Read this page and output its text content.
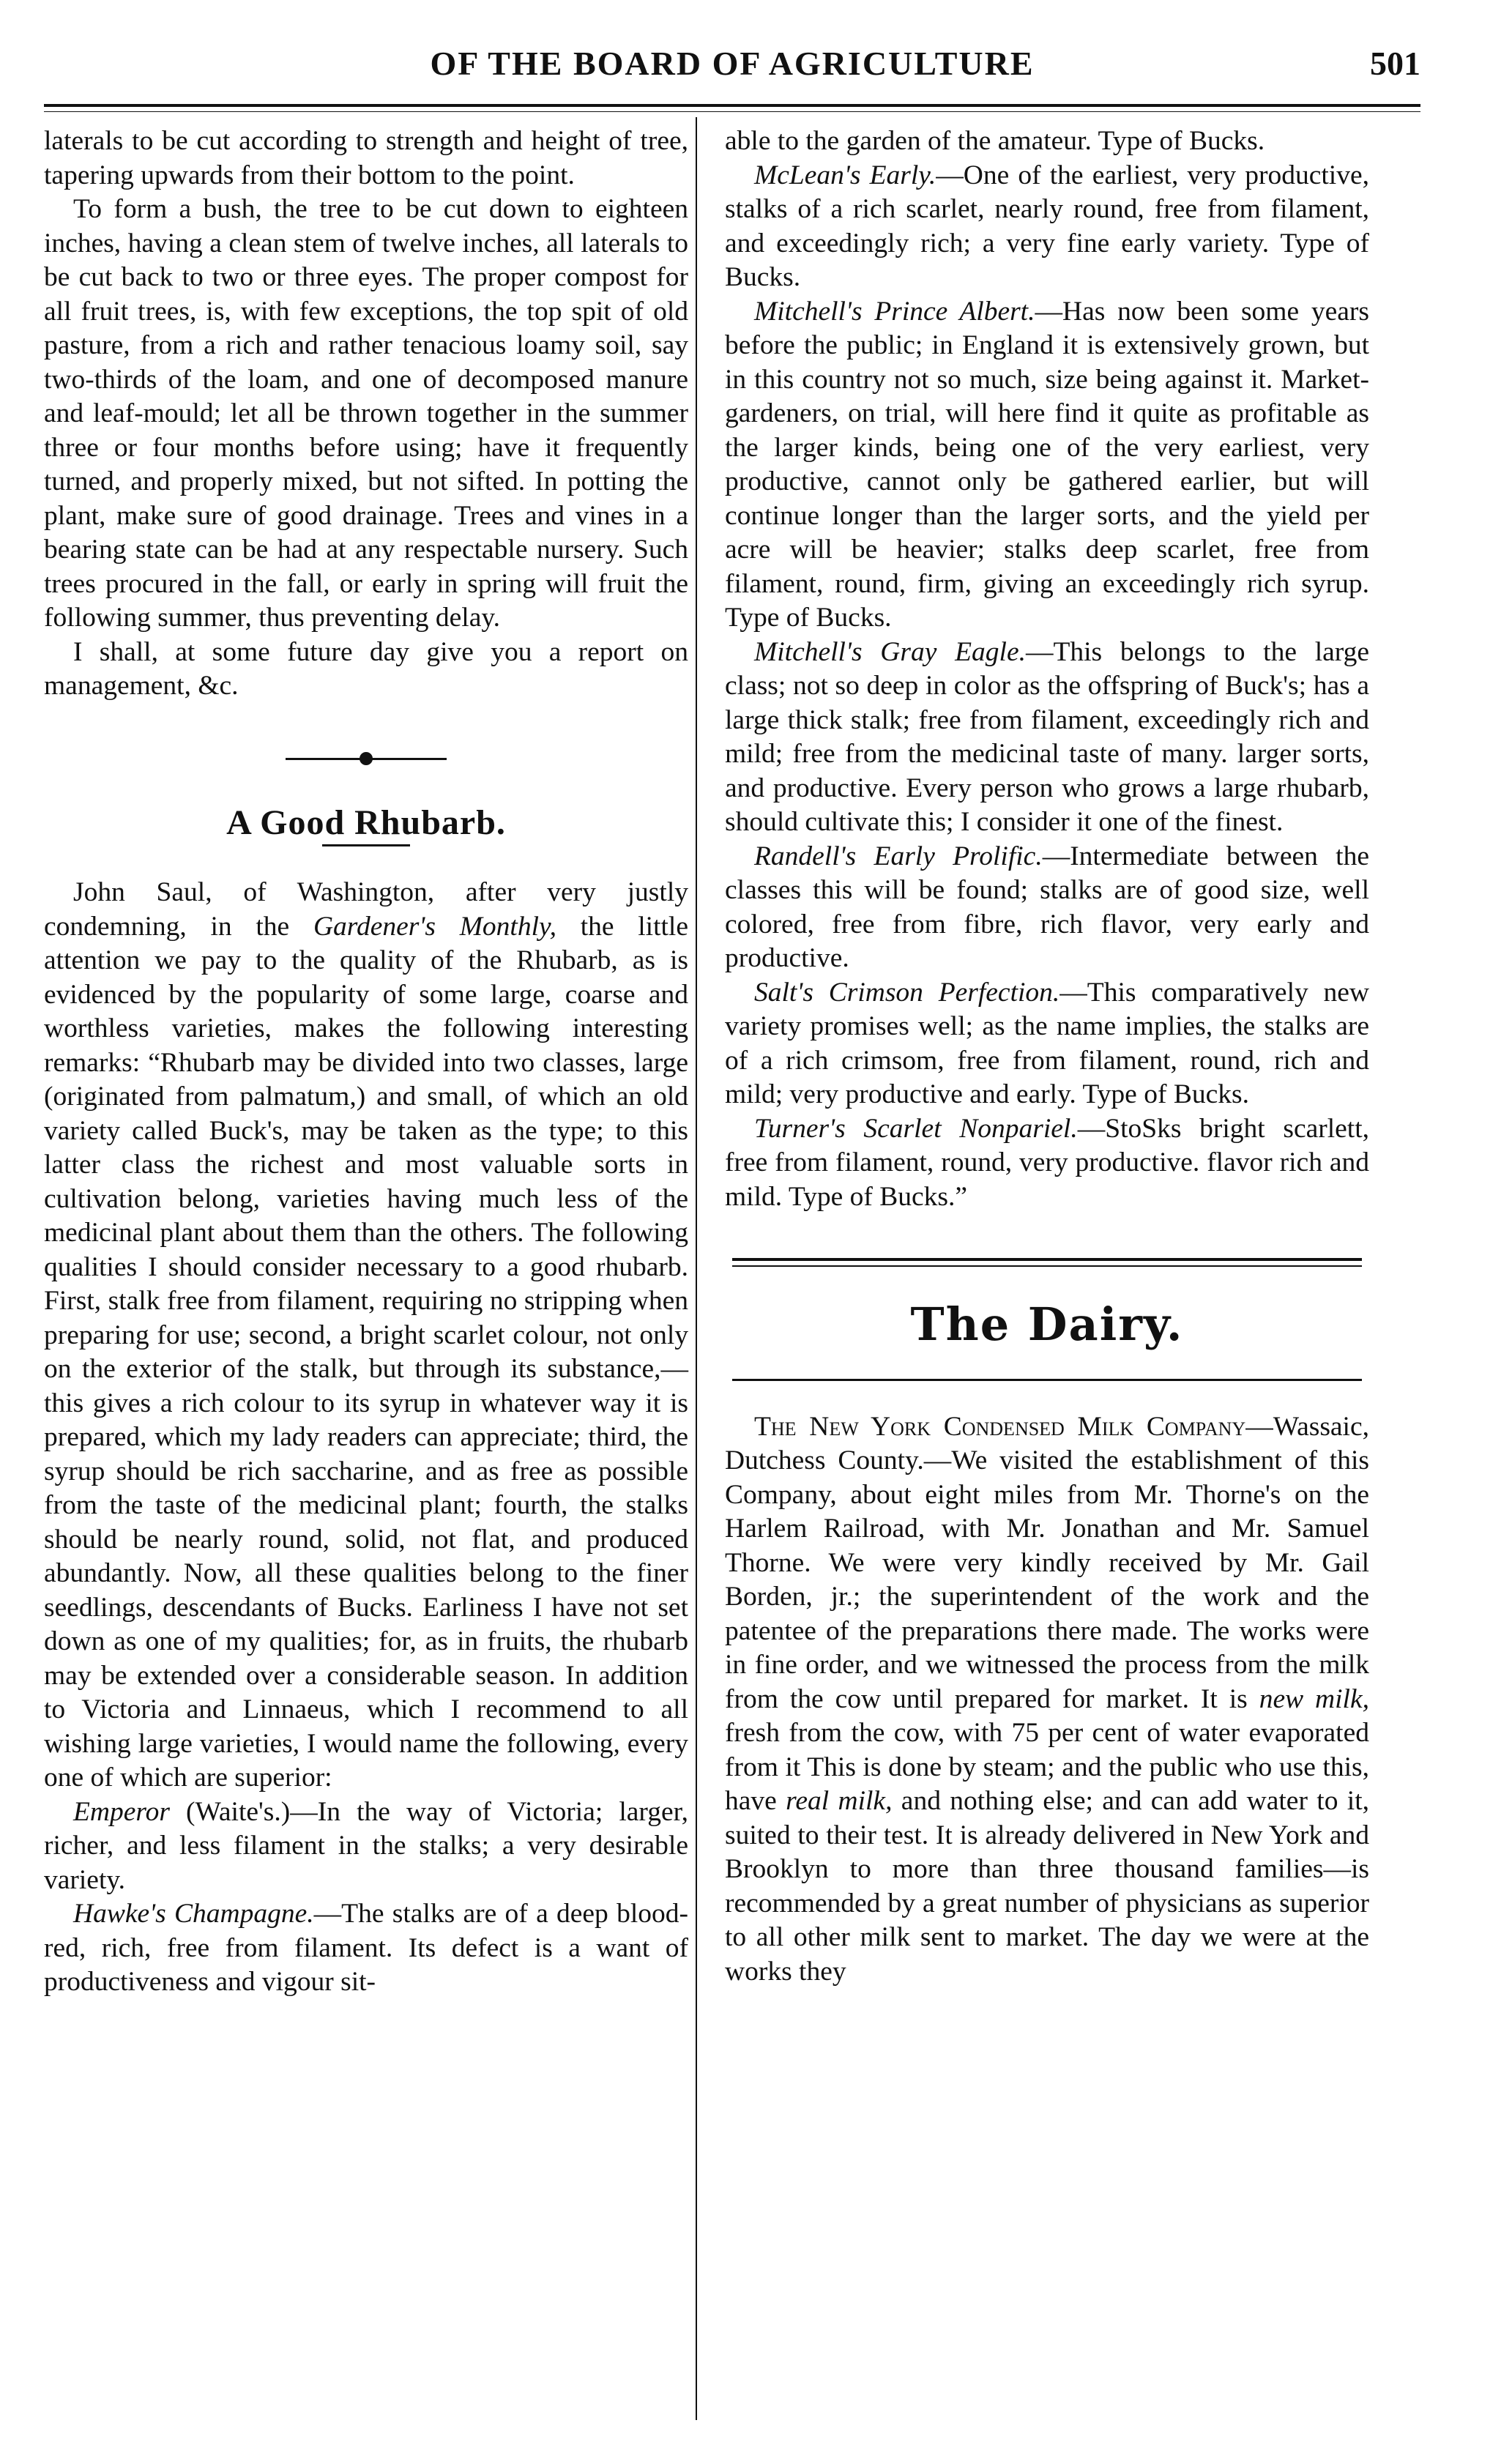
OF THE BOARD OF AGRICULTURE	501

laterals to be cut according to strength and height of tree, tapering upwards from their bottom to the point.

To form a bush, the tree to be cut down to eighteen inches, having a clean stem of twelve inches, all laterals to be cut back to two or three eyes. The proper compost for all fruit trees, is, with few exceptions, the top spit of old pasture, from a rich and rather tenacious loamy soil, say two-thirds of the loam, and one of decomposed manure and leaf-mould; let all be thrown together in the summer three or four months before using; have it frequently turned, and properly mixed, but not sifted. In potting the plant, make sure of good drainage. Trees and vines in a bearing state can be had at any respectable nursery. Such trees procured in the fall, or early in spring will fruit the following summer, thus preventing delay.

I shall, at some future day give you a report on management, &c.

A Good Rhubarb.

John Saul, of Washington, after very justly condemning, in the Gardener's Monthly, the little attention we pay to the quality of the Rhubarb, as is evidenced by the popularity of some large, coarse and worthless varieties, makes the following interesting remarks: “Rhubarb may be divided into two classes, large (originated from palmatum,) and small, of which an old variety called Buck's, may be taken as the type; to this latter class the richest and most valuable sorts in cultivation belong, varieties having much less of the medicinal plant about them than the others. The following qualities I should consider necessary to a good rhubarb. First, stalk free from filament, requiring no stripping when preparing for use; second, a bright scarlet colour, not only on the exterior of the stalk, but through its substance,—this gives a rich colour to its syrup in whatever way it is prepared, which my lady readers can appreciate; third, the syrup should be rich saccharine, and as free as possible from the taste of the medicinal plant; fourth, the stalks should be nearly round, solid, not flat, and produced abundantly. Now, all these qualities belong to the finer seedlings, descendants of Bucks. Earliness I have not set down as one of my qualities; for, as in fruits, the rhubarb may be extended over a considerable season. In addition to Victoria and Linnaeus, which I recommend to all wishing large varieties, I would name the following, every one of which are superior:

Emperor (Waite's.)—In the way of Victoria; larger, richer, and less filament in the stalks; a very desirable variety.

Hawke's Champagne.—The stalks are of a deep blood-red, rich, free from filament. Its defect is a want of productiveness and vigour sit-

able to the garden of the amateur. Type of Bucks.

McLean's Early.—One of the earliest, very productive, stalks of a rich scarlet, nearly round, free from filament, and exceedingly rich; a very fine early variety. Type of Bucks.

Mitchell's Prince Albert.—Has now been some years before the public; in England it is extensively grown, but in this country not so much, size being against it. Market-gardeners, on trial, will here find it quite as profitable as the larger kinds, being one of the very earliest, very productive, cannot only be gathered earlier, but will continue longer than the larger sorts, and the yield per acre will be heavier; stalks deep scarlet, free from filament, round, firm, giving an exceedingly rich syrup. Type of Bucks.

Mitchell's Gray Eagle.—This belongs to the large class; not so deep in color as the offspring of Buck's; has a large thick stalk; free from filament, exceedingly rich and mild; free from the medicinal taste of many. larger sorts, and productive. Every person who grows a large rhubarb, should cultivate this; I consider it one of the finest.

Randell's Early Prolific.—Intermediate between the classes this will be found; stalks are of good size, well colored, free from fibre, rich flavor, very early and productive.

Salt's Crimson Perfection.—This comparatively new variety promises well; as the name implies, the stalks are of a rich crimsom, free from filament, round, rich and mild; very productive and early. Type of Bucks.

Turner's Scarlet Nonpariel.—StoSks bright scarlett, free from filament, round, very productive. flavor rich and mild. Type of Bucks.”

The Dairy.

The New York Condensed Milk Company—Wassaic, Dutchess County.—We visited the establishment of this Company, about eight miles from Mr. Thorne's on the Harlem Railroad, with Mr. Jonathan and Mr. Samuel Thorne. We were very kindly received by Mr. Gail Borden, jr.; the superintendent of the work and the patentee of the preparations there made. The works were in fine order, and we witnessed the process from the milk from the cow until prepared for market. It is new milk, fresh from the cow, with 75 per cent of water evaporated from it This is done by steam; and the public who use this, have real milk, and nothing else; and can add water to it, suited to their test. It is already delivered in New York and Brooklyn to more than three thousand families—is recommended by a great number of physicians as superior to all other milk sent to market. The day we were at the works they
